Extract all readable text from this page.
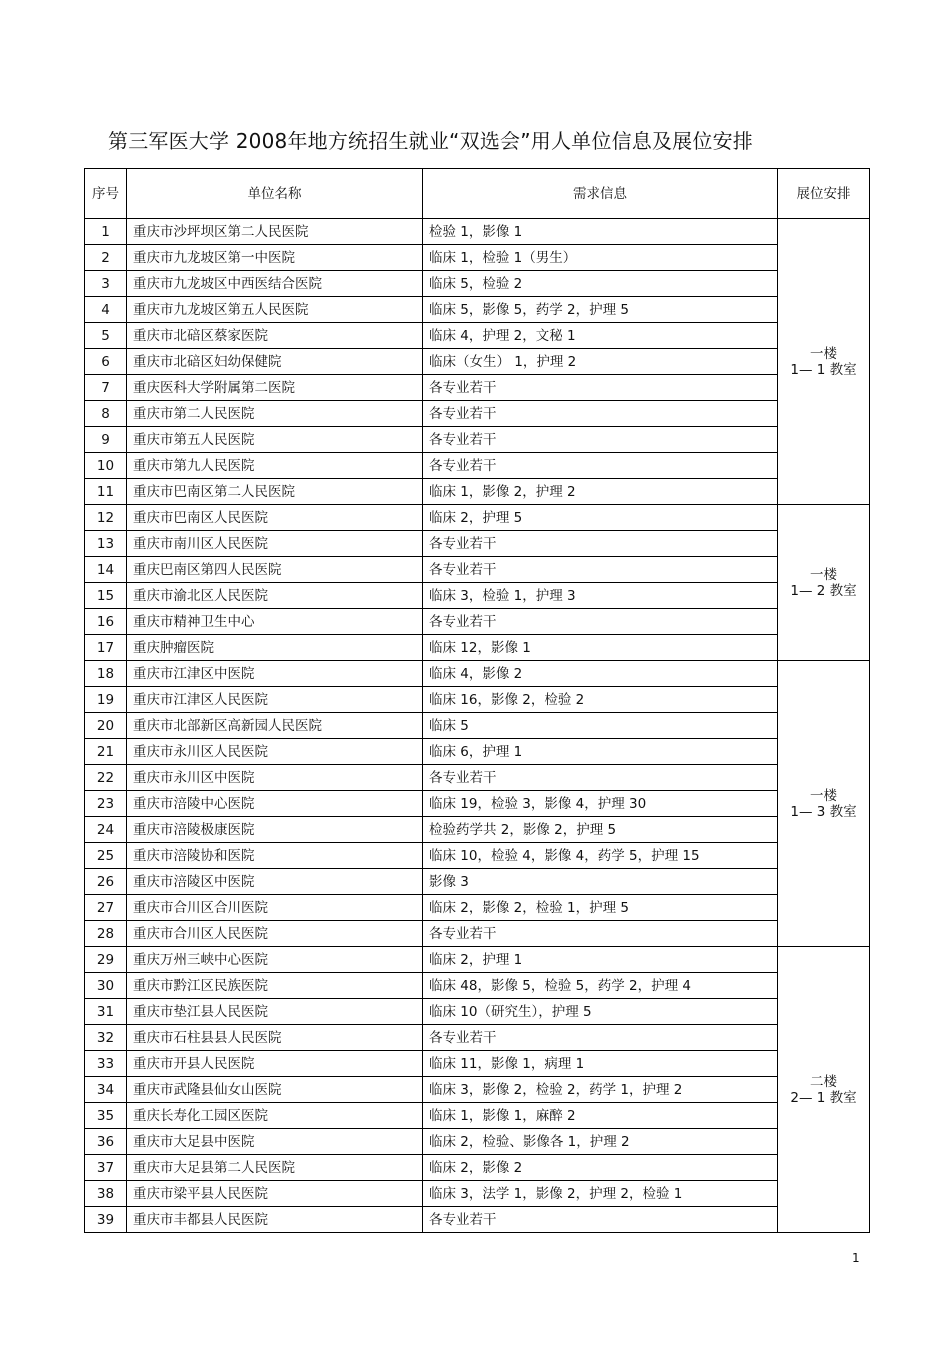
第三军医大学 2008年地方统招生就业“双选会”用人单位信息及展位安排
序号	单位名称	需求信息	展位安排
1	重庆市沙坪坝区第二人民医院	检验 1，影像 1	一楼
1— 1 教室

2	重庆市九龙坡区第一中医院	临床 1，检验 1（男生）	
3	重庆市九龙坡区中西医结合医院	临床 5，检验 2	
4	重庆市九龙坡区第五人民医院	临床 5，影像 5，药学 2，护理 5	
5	重庆市北碚区蔡家医院	临床 4，护理 2，文秘 1	
6	重庆市北碚区妇幼保健院	临床（女生） 1，护理 2	
7	重庆医科大学附属第二医院	各专业若干	
8	重庆市第二人民医院	各专业若干	
9	重庆市第五人民医院	各专业若干	
10	重庆市第九人民医院	各专业若干	
11	重庆市巴南区第二人民医院	临床 1，影像 2，护理 2	
12	重庆市巴南区人民医院	临床 2，护理 5	一楼
1— 2 教室

13	重庆市南川区人民医院	各专业若干	
14	重庆巴南区第四人民医院	各专业若干	
15	重庆市渝北区人民医院	临床 3，检验 1，护理 3	
16	重庆市精神卫生中心	各专业若干	
17	重庆肿瘤医院	临床 12，影像 1	
18	重庆市江津区中医院	临床 4，影像 2	一楼
1— 3 教室

19	重庆市江津区人民医院	临床 16，影像 2，检验 2	
20	重庆市北部新区高新园人民医院	临床 5	
21	重庆市永川区人民医院	临床 6，护理 1	
22	重庆市永川区中医院	各专业若干	
23	重庆市涪陵中心医院	临床 19，检验 3，影像 4，护理 30	
24	重庆市涪陵极康医院	检验药学共 2，影像 2，护理 5	
25	重庆市涪陵协和医院	临床 10，检验 4，影像 4，药学 5，护理 15	
26	重庆市涪陵区中医院	影像 3	
27	重庆市合川区合川医院	临床 2，影像 2，检验 1，护理 5	
28	重庆市合川区人民医院	各专业若干	
29	重庆万州三峡中心医院	临床 2，护理 1	二楼
2— 1 教室

30	重庆市黔江区民族医院	临床 48，影像 5，检验 5，药学 2，护理 4	
31	重庆市垫江县人民医院	临床 10（研究生），护理 5	
32	重庆市石柱县县人民医院	各专业若干	
33	重庆市开县人民医院	临床 11，影像 1，病理 1	
34	重庆市武隆县仙女山医院	临床 3，影像 2，检验 2，药学 1，护理 2	
35	重庆长寿化工园区医院	临床 1，影像 1，麻醉 2	
36	重庆市大足县中医院	临床 2，检验、影像各 1，护理 2	
37	重庆市大足县第二人民医院	临床 2，影像 2	
38	重庆市梁平县人民医院	临床 3，法学 1，影像 2，护理 2，检验 1	
39	重庆市丰都县人民医院	各专业若干	
1
